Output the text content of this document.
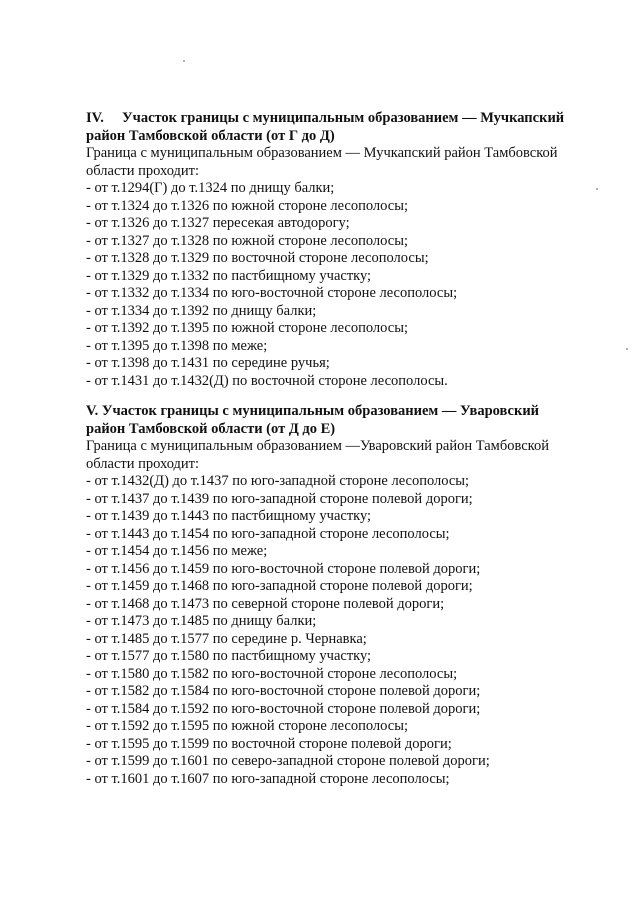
IV. Участок границы с муниципальным образованием — Мучкапский
район Тамбовской области (от Г до Д)

Граница с муниципальным образованием — Мучкапский район Тамбовской
области проходит:

- от т.1294(Г) до т.1324 по днищу балки;
- от т.1324 до т.1326 по южной стороне лесополосы;
- от т.1326 до т.1327 пересекая автодорогу;
- от т.1327 до т.1328 по южной стороне лесополосы;
- от т.1328 до т.1329 по восточной стороне лесополосы;
- от т.1329 до т.1332 по пастбищному участку;
- от т.1332 до т.1334 по юго-восточной стороне лесополосы;
- от т.1334 до т.1392 по днищу балки;
- от т.1392 до т.1395 по южной стороне лесополосы;
- от т.1395 до т.1398 по меже;
- от т.1398 до т.1431 по середине ручья;
- от т.1431 до т.1432(Д) по восточной стороне лесополосы.

V. Участок границы с муниципальным образованием — Уваровский
район Тамбовской области (от Д до Е)

Граница с муниципальным образованием —Уваровский район Тамбовской
области проходит:

- от т.1432(Д) до т.1437 по юго-западной стороне лесополосы;
- от т.1437 до т.1439 по юго-западной стороне полевой дороги;
- от т.1439 до т.1443 по пастбищному участку;
- от т.1443 до т.1454 по юго-западной стороне лесополосы;
- от т.1454 до т.1456 по меже;
- от т.1456 до т.1459 по юго-восточной стороне полевой дороги;
- от т.1459 до т.1468 по юго-западной стороне полевой дороги;
- от т.1468 до т.1473 по северной стороне полевой дороги;
- от т.1473 до т.1485 по днищу балки;
- от т.1485 до т.1577 по середине р. Чернавка;
- от т.1577 до т.1580 по пастбищному участку;
- от т.1580 до т.1582 по юго-восточной стороне лесополосы;
- от т.1582 до т.1584 по юго-восточной стороне полевой дороги;
- от т.1584 до т.1592 по юго-восточной стороне полевой дороги;
- от т.1592 до т.1595 по южной стороне лесополосы;
- от т.1595 до т.1599 по восточной стороне полевой дороги;
- от т.1599 до т.1601 по северо-западной стороне полевой дороги;
- от т.1601 до т.1607 по юго-западной стороне лесополосы;
